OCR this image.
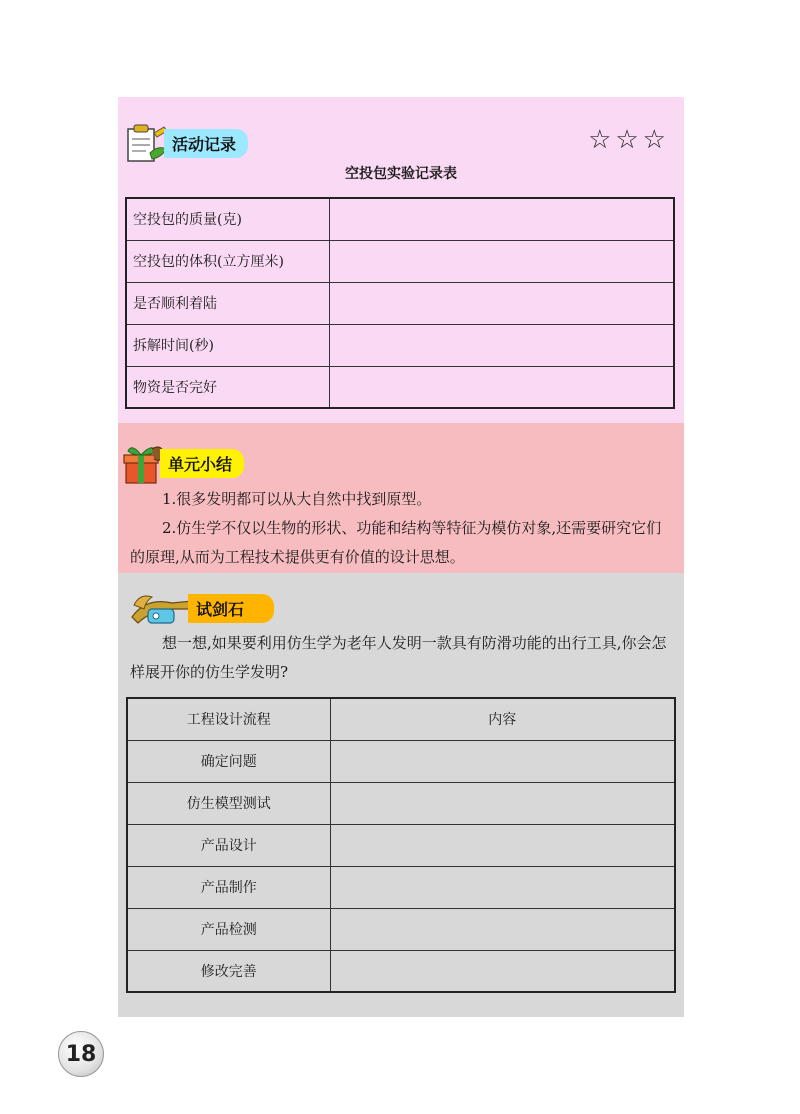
活动记录	☆☆☆
空投包实验记录表
空投包的质量(克)	
空投包的体积(立方厘米)	
是否顺利着陆	
拆解时间(秒)	
物资是否完好	
单元小结

1.很多发明都可以从大自然中找到原型。

2.仿生学不仅以生物的形状、功能和结构等特征为模仿对象,还需要研究它们的原理,从而为工程技术提供更有价值的设计思想。

试剑石

想一想,如果要利用仿生学为老年人发明一款具有防滑功能的出行工具,你会怎样展开你的仿生学发明?

工程设计流程	内容
确定问题	
仿生模型测试	
产品设计	
产品制作	
产品检测	
修改完善	
18
